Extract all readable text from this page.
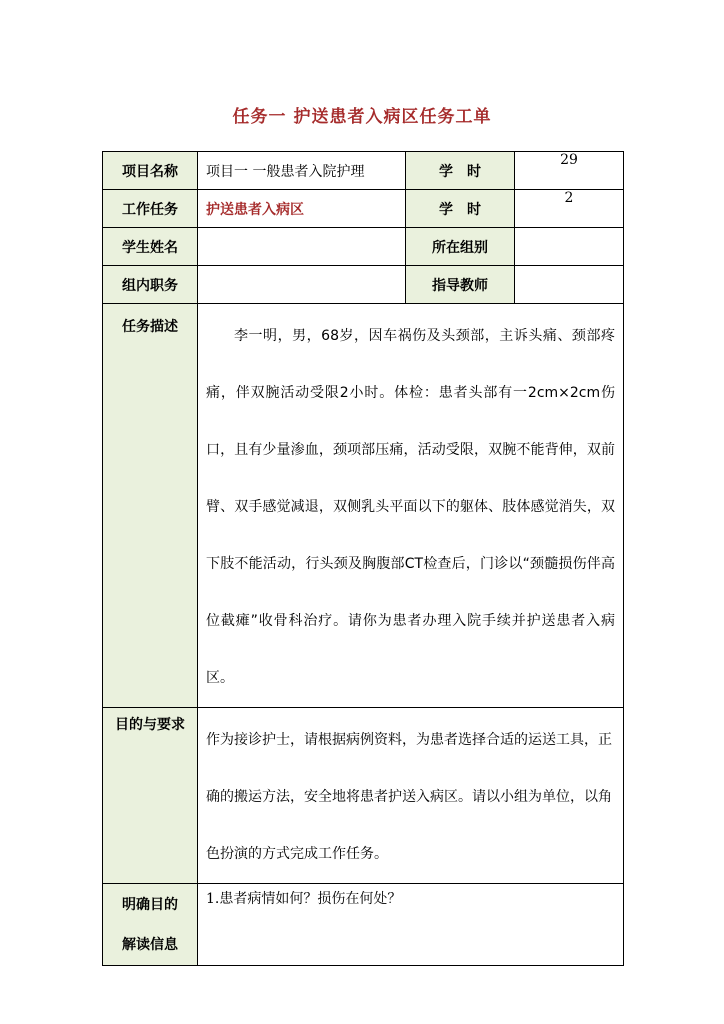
任务一 护送患者入病区任务工单
项目名称	项目一 一般患者入院护理	学　时	29
工作任务	护送患者入病区	学　时	2
学生姓名		所在组别	
组内职务		指导教师	
任务描述	李一明，男，68岁，因车祸伤及头颈部，主诉头痛、颈部疼痛，伴双腕活动受限2小时。体检：患者头部有一2cm×2cm伤口，且有少量渗血，颈项部压痛，活动受限，双腕不能背伸，双前臂、双手感觉减退，双侧乳头平面以下的躯体、肢体感觉消失，双下肢不能活动，行头颈及胸腹部CT检查后，门诊以“颈髓损伤伴高位截瘫”收骨科治疗。请你为患者办理入院手续并护送患者入病区。		

目的与要求	作为接诊护士，请根据病例资料，为患者选择合适的运送工具，正确的搬运方法，安全地将患者护送入病区。请以小组为单位，以角色扮演的方式完成工作任务。		

明确目的
解读信息	1.患者病情如何？损伤在何处？		
